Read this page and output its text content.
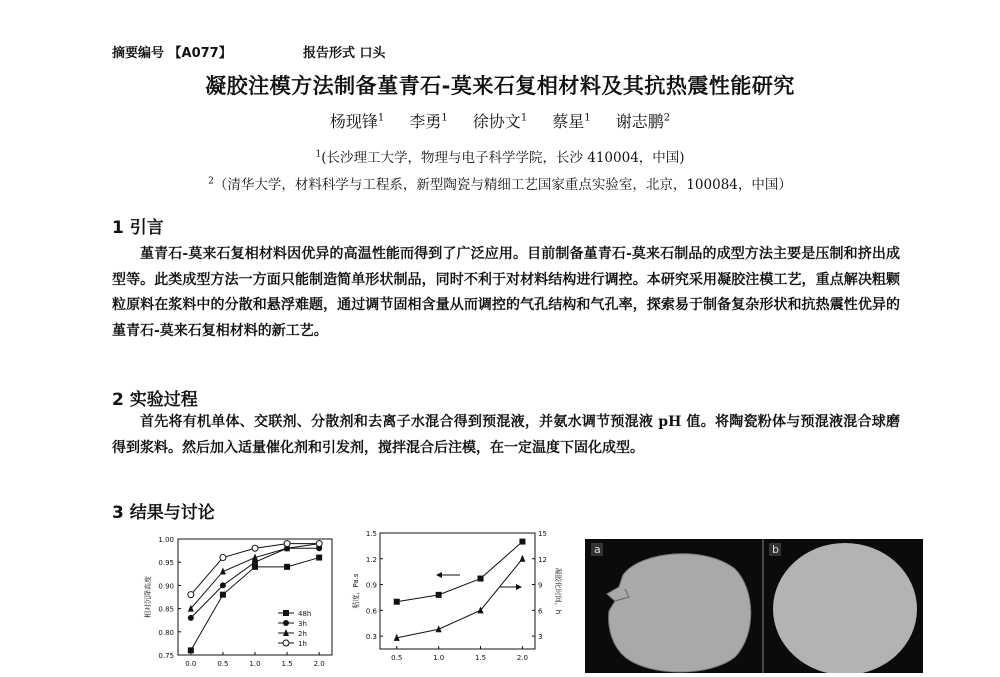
摘要编号 【A077】	报告形式 口头
凝胶注模方法制备堇青石-莫来石复相材料及其抗热震性能研究
杨现锋$^1$ 李勇$^1$ 徐协文$^1$ 蔡星$^1$ 谢志鹏$^2$
$^1$(长沙理工大学，物理与电子科学学院，长沙 410004，中国)
$^2$（清华大学，材料科学与工程系，新型陶瓷与精细工艺国家重点实验室，北京，100084，中国）
1 引言
堇青石-莫来石复相材料因优异的高温性能而得到了广泛应用。目前制备堇青石-莫来石制品的成型方法主要是压制和挤出成型等。此类成型方法一方面只能制造简单形状制品，同时不利于对材料结构进行调控。本研究采用凝胶注模工艺，重点解决粗颗粒原料在浆料中的分散和悬浮难题，通过调节固相含量从而调控的气孔结构和气孔率，探索易于制备复杂形状和抗热震性优异的堇青石-莫来石复相材料的新工艺。
2 实验过程
首先将有机单体、交联剂、分散剂和去离子水混合得到预混液，并氨水调节预混液 pH 值。将陶瓷粉体与预混液混合球磨得到浆料。然后加入适量催化剂和引发剂，搅拌混合后注模，在一定温度下固化成型。
3 结果与讨论
0.75
0.80
0.85
0.90
0.95
1.00
0.0	0.5	1.0	1.5	2.0
相对沉降高度	48h
3h
2h
1h
0.3
0.6
0.9
1.2
1.5
3
6
9
12
15
0.5	1.0	1.5	2.0
粘度，Pa.s	凝胶化时间，h
a	b
